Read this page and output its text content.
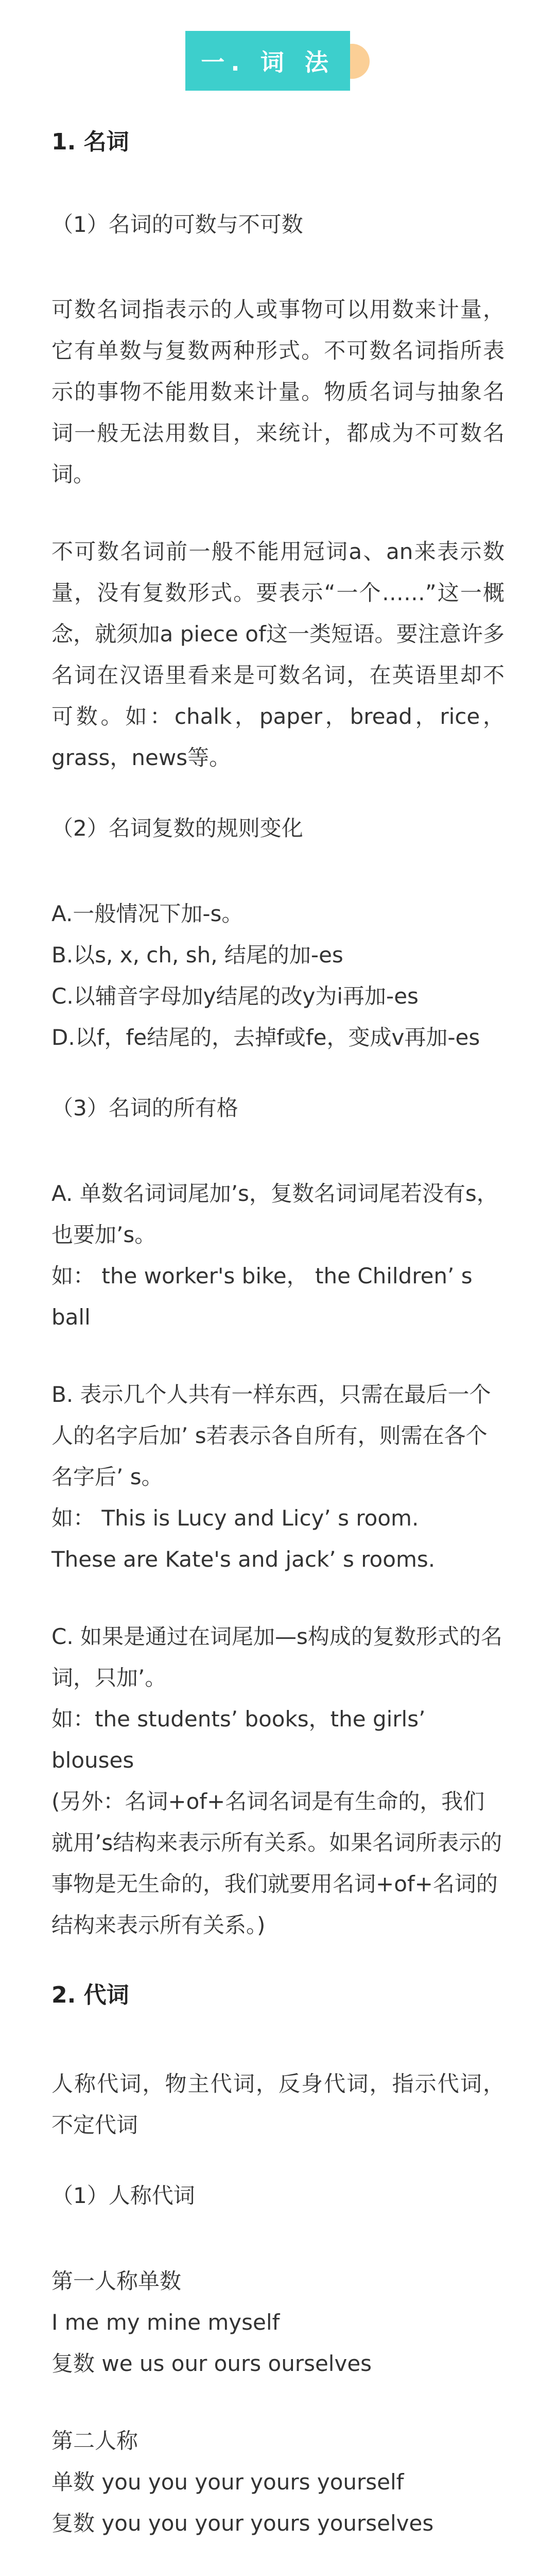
一. 词 法
1. 名词
（1）名词的可数与不可数

可数名词指表示的人或事物可以用数来计量，它有单数与复数两种形式。不可数名词指所表示的事物不能用数来计量。物质名词与抽象名词一般无法用数目，来统计，都成为不可数名词。

不可数名词前一般不能用冠词a、an来表示数量，没有复数形式。要表示“一个……”这一概念，就须加a piece of这一类短语。要注意许多名词在汉语里看来是可数名词，在英语里却不可数。如：chalk，paper，bread，rice，grass，news等。

（2）名词复数的规则变化

A.一般情况下加-s。

B.以s, x, ch, sh, 结尾的加-es

C.以辅音字母加y结尾的改y为i再加-es

D.以f，fe结尾的，去掉f或fe，变成v再加-es

（3）名词的所有格

A. 单数名词词尾加’s，复数名词词尾若没有s，也要加’s。

如： the worker's bike， the Children’ s ball

B. 表示几个人共有一样东西，只需在最后一个人的名字后加’ s若表示各自所有，则需在各个名字后’ s。

如： This is Lucy and Licy’ s room.

These are Kate's and jack’ s rooms.

C. 如果是通过在词尾加—s构成的复数形式的名词，只加’。

如：the students’ books，the girls’ blouses

(另外：名词+of+名词名词是有生命的，我们就用’s结构来表示所有关系。如果名词所表示的事物是无生命的，我们就要用名词+of+名词的结构来表示所有关系。)

2. 代词

人称代词，物主代词，反身代词，指示代词，不定代词

（1）人称代词

第一人称单数

I me my mine myself

复数 we us our ours ourselves

第二人称

单数 you you your yours yourself

复数 you you your yours yourselves
